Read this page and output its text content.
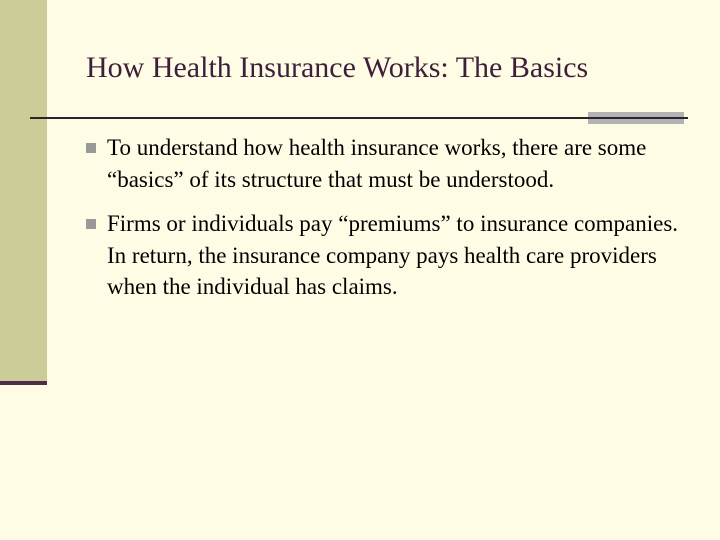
How Health Insurance Works: The Basics
To understand how health insurance works, there are some “basics” of its structure that must be understood.
Firms or individuals pay “premiums” to insurance companies. In return, the insurance company pays health care providers when the individual has claims.
